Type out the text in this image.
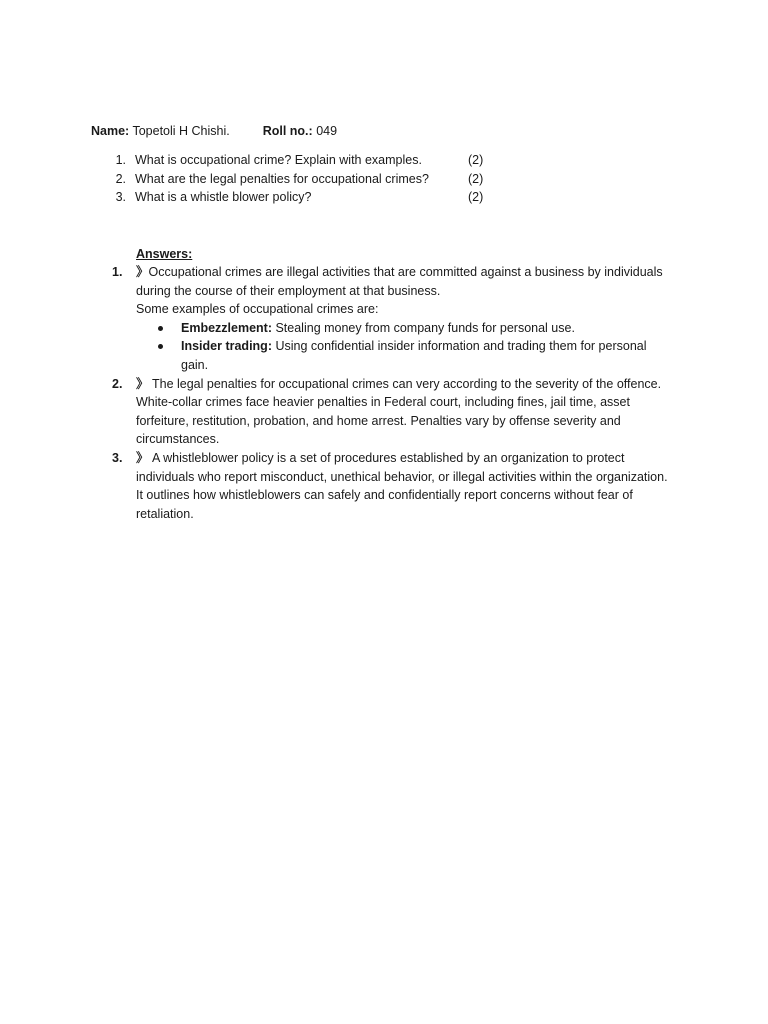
Name: Topetoli H Chishi.	Roll no.: 049
1. What is occupational crime? Explain with examples.	(2)
2. What are the legal penalties for occupational crimes?	(2)
3. What is a whistle blower policy?	(2)
Answers:
1. 》Occupational crimes are illegal activities that are committed against a business by individuals during the course of their employment at that business.
Some examples of occupational crimes are:
Embezzlement: Stealing money from company funds for personal use.
Insider trading: Using confidential insider information and trading them for personal gain.
2. 》 The legal penalties for occupational crimes can very according to the severity of the offence. White-collar crimes face heavier penalties in Federal court, including fines, jail time, asset forfeiture, restitution, probation, and home arrest. Penalties vary by offense severity and circumstances.
3. 》 A whistleblower policy is a set of procedures established by an organization to protect individuals who report misconduct, unethical behavior, or illegal activities within the organization. It outlines how whistleblowers can safely and confidentially report concerns without fear of retaliation.
